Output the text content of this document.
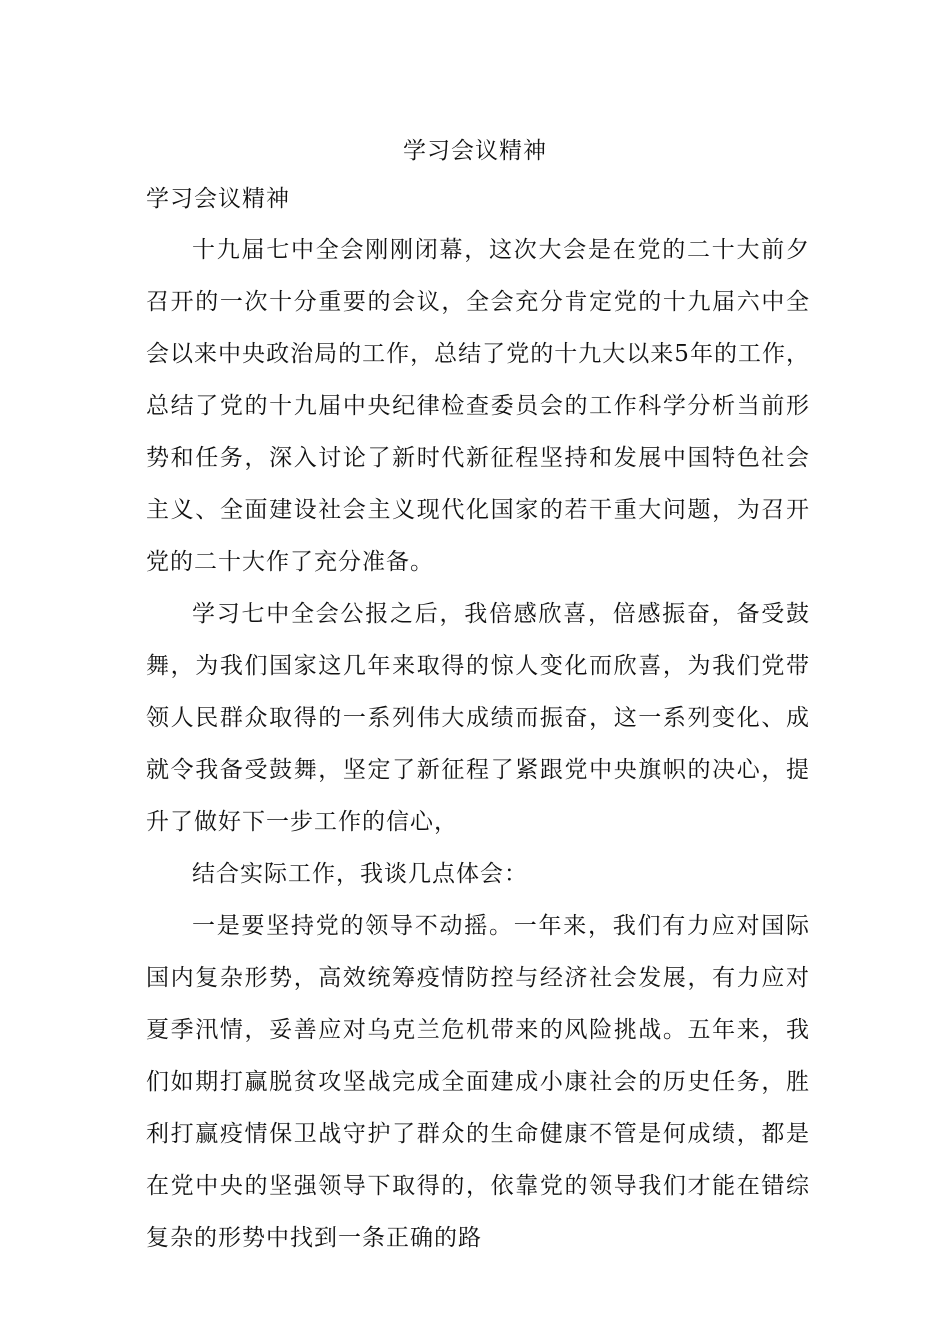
学习会议精神
学习会议精神

十九届七中全会刚刚闭幕，这次大会是在党的二十大前夕召开的一次十分重要的会议，全会充分肯定党的十九届六中全会以来中央政治局的工作，总结了党的十九大以来5年的工作，总结了党的十九届中央纪律检查委员会的工作科学分析当前形势和任务，深入讨论了新时代新征程坚持和发展中国特色社会主义、全面建设社会主义现代化国家的若干重大问题，为召开党的二十大作了充分准备。

学习七中全会公报之后，我倍感欣喜，倍感振奋，备受鼓舞，为我们国家这几年来取得的惊人变化而欣喜，为我们党带领人民群众取得的一系列伟大成绩而振奋，这一系列变化、成就令我备受鼓舞，坚定了新征程了紧跟党中央旗帜的决心，提升了做好下一步工作的信心，

结合实际工作，我谈几点体会：

一是要坚持党的领导不动摇。一年来，我们有力应对国际国内复杂形势，高效统筹疫情防控与经济社会发展，有力应对夏季汛情，妥善应对乌克兰危机带来的风险挑战。五年来，我们如期打赢脱贫攻坚战完成全面建成小康社会的历史任务，胜利打赢疫情保卫战守护了群众的生命健康不管是何成绩，都是在党中央的坚强领导下取得的，依靠党的领导我们才能在错综复杂的形势中找到一条正确的路
